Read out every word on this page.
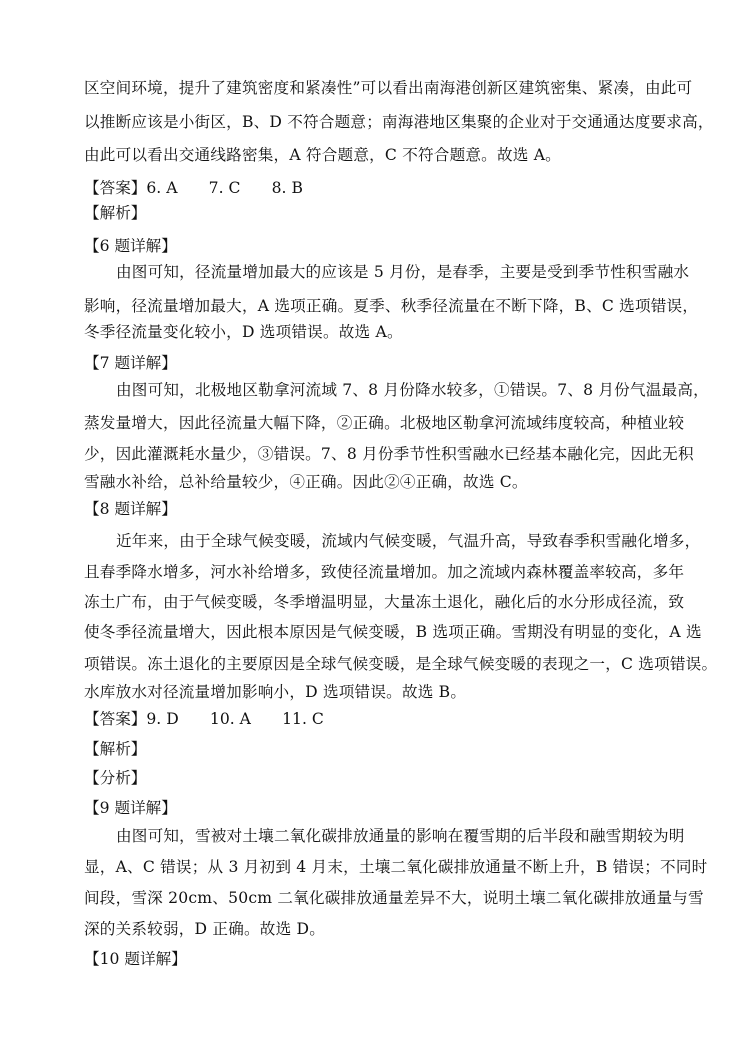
区空间环境，提升了建筑密度和紧凑性”可以看出南海港创新区建筑密集、紧凑，由此可
以推断应该是小街区，B、D 不符合题意；南海港地区集聚的企业对于交通通达度要求高，
由此可以看出交通线路密集，A 符合题意，C 不符合题意。故选 A。
【答案】6. A　　7. C　　8. B
【解析】
【6 题详解】
由图可知，径流量增加最大的应该是 5 月份，是春季，主要是受到季节性积雪融水
影响，径流量增加最大，A 选项正确。夏季、秋季径流量在不断下降，B、C 选项错误，
冬季径流量变化较小，D 选项错误。故选 A。
【7 题详解】
由图可知，北极地区勒拿河流域 7、8 月份降水较多，①错误。7、8 月份气温最高，
蒸发量增大，因此径流量大幅下降，②正确。北极地区勒拿河流域纬度较高，种植业较
少，因此灌溉耗水量少，③错误。7、8 月份季节性积雪融水已经基本融化完，因此无积
雪融水补给，总补给量较少，④正确。因此②④正确，故选 C。
【8 题详解】
近年来，由于全球气候变暖，流域内气候变暖，气温升高，导致春季积雪融化增多，
且春季降水增多，河水补给增多，致使径流量增加。加之流域内森林覆盖率较高，多年
冻土广布，由于气候变暖，冬季增温明显，大量冻土退化，融化后的水分形成径流，致
使冬季径流量增大，因此根本原因是气候变暖，B 选项正确。雪期没有明显的变化，A 选
项错误。冻土退化的主要原因是全球气候变暖，是全球气候变暖的表现之一，C 选项错误。
水库放水对径流量增加影响小，D 选项错误。故选 B。
【答案】9. D　　10. A　　11. C
【解析】
【分析】
【9 题详解】
由图可知，雪被对土壤二氧化碳排放通量的影响在覆雪期的后半段和融雪期较为明
显，A、C 错误；从 3 月初到 4 月末，土壤二氧化碳排放通量不断上升，B 错误；不同时
间段，雪深 20cm、50cm 二氧化碳排放通量差异不大，说明土壤二氧化碳排放通量与雪
深的关系较弱，D 正确。故选 D。
【10 题详解】
